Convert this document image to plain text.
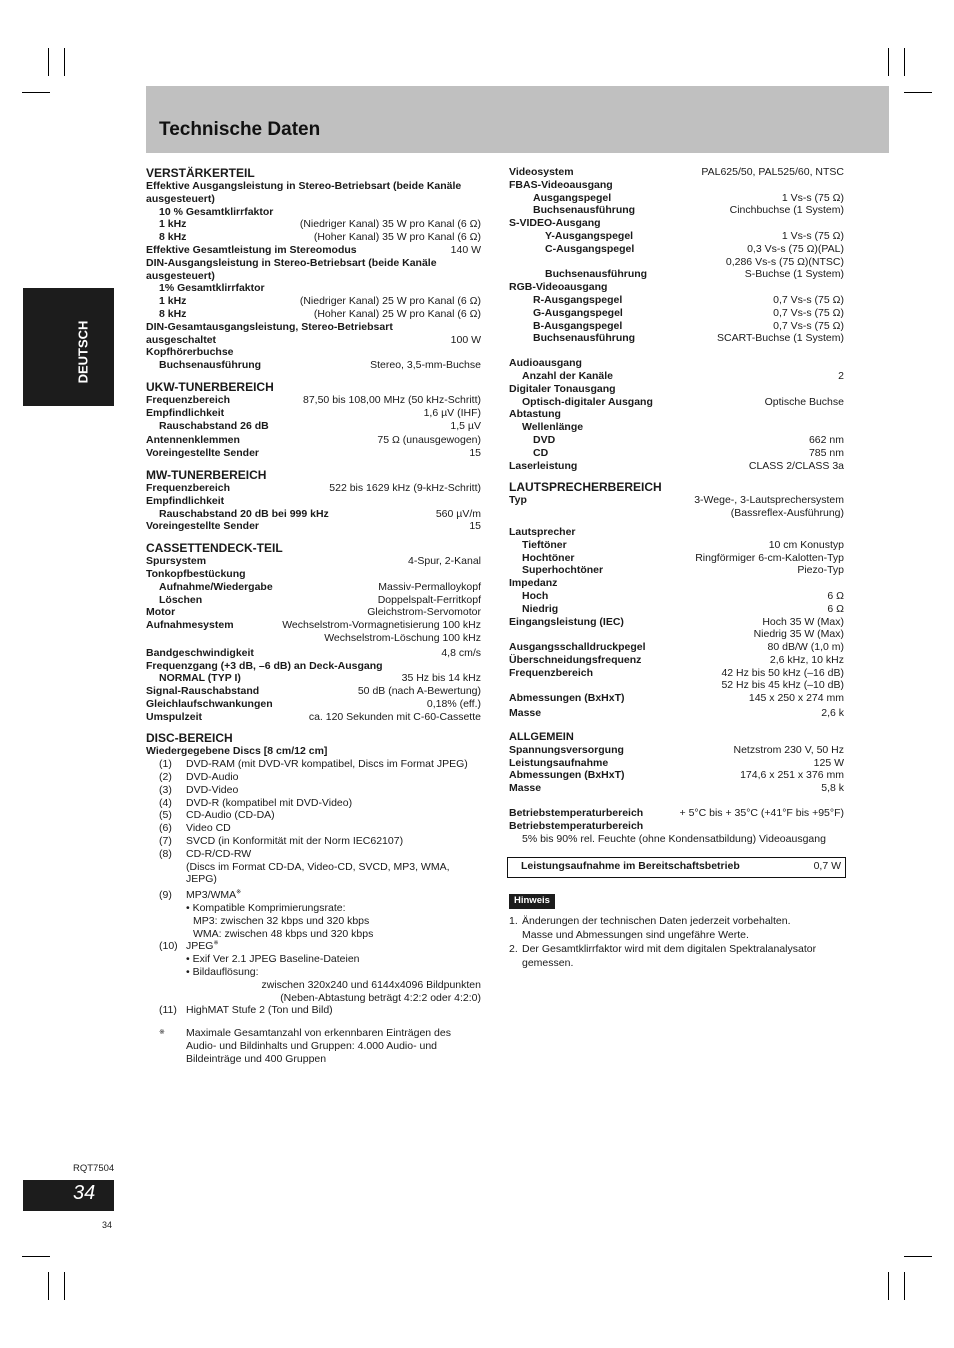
Technische Daten
DEUTSCH
VERSTÄRKERTEIL
Effektive Ausgangsleistung in Stereo-Betriebsart (beide Kanäle ausgesteuert)
10 % Gesamtklirrfaktor
1 kHz	(Niedriger Kanal) 35 W pro Kanal (6 Ω)
8 kHz	(Hoher Kanal) 35 W pro Kanal (6 Ω)
Effektive Gesamtleistung im Stereomodus	140 W
DIN-Ausgangsleistung in Stereo-Betriebsart (beide Kanäle ausgesteuert)
1% Gesamtklirrfaktor
1 kHz	(Niedriger Kanal) 25 W pro Kanal (6 Ω)
8 kHz	(Hoher Kanal) 25 W pro Kanal (6 Ω)
DIN-Gesamtausgangsleistung, Stereo-Betriebsart
ausgeschaltet	100 W
Kopfhörerbuchse
Buchsenausführung	Stereo, 3,5-mm-Buchse
UKW-TUNERBEREICH
Frequenzbereich	87,50 bis 108,00 MHz (50 kHz-Schritt)
Empfindlichkeit	1,6 µV (IHF)
Rauschabstand 26 dB	1,5 µV
Antennenklemmen	75 Ω (unausgewogen)
Voreingestellte Sender	15
MW-TUNERBEREICH
Frequenzbereich	522 bis 1629 kHz (9-kHz-Schritt)
Empfindlichkeit
Rauschabstand 20 dB bei 999 kHz	560 µV/m
Voreingestellte Sender	15
CASSETTENDECK-TEIL
Spursystem	4-Spur, 2-Kanal
Tonkopfbestückung
Aufnahme/Wiedergabe	Massiv-Permalloykopf
Löschen	Doppelspalt-Ferritkopf
Motor	Gleichstrom-Servomotor
Aufnahmesystem	Wechselstrom-Vormagnetisierung 100 kHz
Wechselstrom-Löschung 100 kHz
Bandgeschwindigkeit	4,8 cm/s
Frequenzgang (+3 dB, –6 dB) an Deck-Ausgang
NORMAL (TYP I)	35 Hz bis 14 kHz
Signal-Rauschabstand	50 dB (nach A-Bewertung)
Gleichlaufschwankungen	0,18% (eff.)
Umspulzeit	ca. 120 Sekunden mit C-60-Cassette
DISC-BEREICH
Wiedergegebene Discs [8 cm/12 cm]
(1)	DVD-RAM (mit DVD-VR kompatibel, Discs im Format JPEG)
(2)	DVD-Audio
(3)	DVD-Video
(4)	DVD-R (kompatibel mit DVD-Video)
(5)	CD-Audio (CD-DA)
(6)	Video CD
(7)	SVCD (in Konformität mit der Norm IEC62107)
(8)	CD-R/CD-RW
(Discs im Format CD-DA, Video-CD, SVCD, MP3, WMA, JEPG)
(9)	MP3/WMA※
• Kompatible Komprimierungsrate:
MP3: zwischen 32 kbps und 320 kbps
WMA: zwischen 48 kbps und 320 kbps
(10) JPEG※
• Exif Ver 2.1 JPEG Baseline-Dateien
• Bildauflösung:
zwischen 320x240 und 6144x4096 Bildpunkten
(Neben-Abtastung beträgt 4:2:2 oder 4:2:0)
(11) HighMAT Stufe 2 (Ton und Bild)
※	Maximale Gesamtanzahl von erkennbaren Einträgen des Audio- und Bildinhalts und Gruppen: 4.000 Audio- und Bildeinträge und 400 Gruppen
Videosystem	PAL625/50, PAL525/60, NTSC
FBAS-Videoausgang
Ausgangspegel	1 Vs-s (75 Ω)
Buchsenausführung	Cinchbuchse (1 System)
S-VIDEO-Ausgang
Y-Ausgangspegel	1 Vs-s (75 Ω)
C-Ausgangspegel	0,3 Vs-s (75 Ω)(PAL)
0,286 Vs-s (75 Ω)(NTSC)
Buchsenausführung	S-Buchse (1 System)
RGB-Videoausgang
R-Ausgangspegel	0,7 Vs-s (75 Ω)
G-Ausgangspegel	0,7 Vs-s (75 Ω)
B-Ausgangspegel	0,7 Vs-s (75 Ω)
Buchsenausführung	SCART-Buchse (1 System)
Audioausgang
Anzahl der Kanäle	2
Digitaler Tonausgang
Optisch-digitaler Ausgang	Optische Buchse
Abtastung
Wellenlänge
DVD	662 nm
CD	785 nm
Laserleistung	CLASS 2/CLASS 3a
LAUTSPRECHERBEREICH
Typ	3-Wege-, 3-Lautsprechersystem
(Bassreflex-Ausführung)
Lautsprecher
Tieftöner	10 cm Konustyp
Hochtöner	Ringförmiger 6-cm-Kalotten-Typ
Superhochtöner	Piezo-Typ
Impedanz
Hoch	6 Ω
Niedrig	6 Ω
Eingangsleistung (IEC)	Hoch 35 W (Max)
Niedrig 35 W (Max)
Ausgangsschalldruckpegel	80 dB/W (1,0 m)
Überschneidungsfrequenz	2,6 kHz, 10 kHz
Frequenzbereich	42 Hz bis 50 kHz (–16 dB)
52 Hz bis 45 kHz (–10 dB)
Abmessungen (BxHxT)	145 x 250 x 274 mm
Masse	2,6 k
ALLGEMEIN
Spannungsversorgung	Netzstrom 230 V, 50 Hz
Leistungsaufnahme	125 W
Abmessungen (BxHxT)	174,6 x 251 x 376 mm
Masse	5,8 k
Betriebstemperaturbereich	+ 5°C bis + 35°C (+41°F bis +95°F)
Betriebstemperaturbereich
5% bis 90% rel. Feuchte (ohne Kondensatbildung) Videoausgang
Leistungsaufnahme im Bereitschaftsbetrieb	0,7 W
Hinweis
1. Änderungen der technischen Daten jederzeit vorbehalten.
Masse und Abmessungen sind ungefähre Werte.
2. Der Gesamtklirrfaktor wird mit dem digitalen Spektralanalysator gemessen.
RQT7504
34
34
